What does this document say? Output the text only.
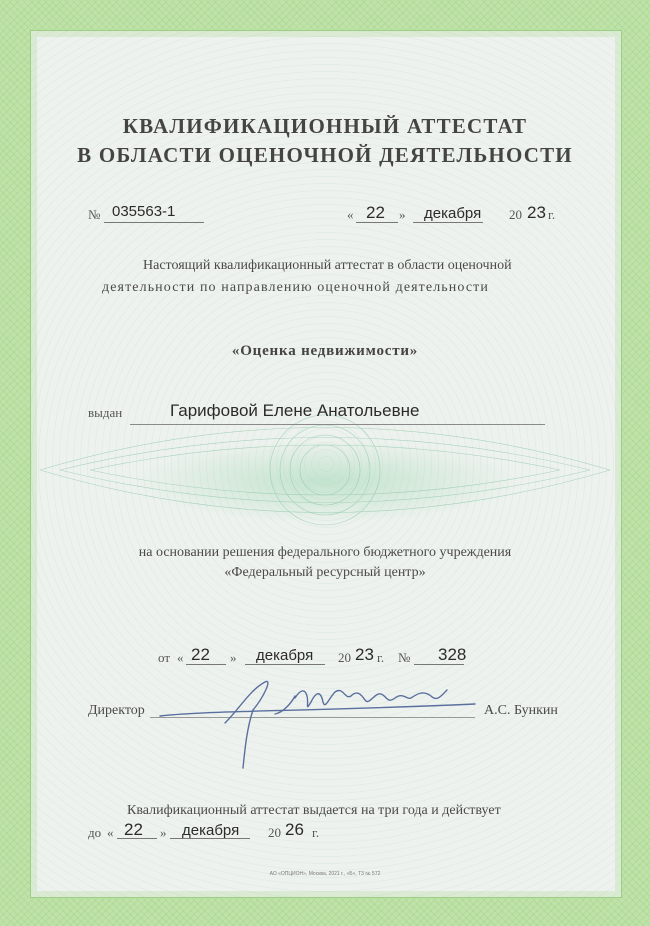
КВАЛИФИКАЦИОННЫЙ АТТЕСТАТ
В ОБЛАСТИ ОЦЕНОЧНОЙ ДЕЯТЕЛЬНОСТИ
№ 035563-1	« 22 » декабря 20 23 г.
Настоящий квалификационный аттестат в области оценочной
деятельности по направлению оценочной деятельности
«Оценка недвижимости»
выдан	Гарифовой Елене Анатольевне
на основании решения федерального бюджетного учреждения
«Федеральный ресурсный центр»
от « 22 » декабря 20 23 г. № 328
Директор	А.С. Бункин
Квалификационный аттестат выдается на три года и действует
до « 22 » декабря 20 26 г.
АО «ОПЦИОН», Москва, 2021 г., «Б», Т3 № 572
